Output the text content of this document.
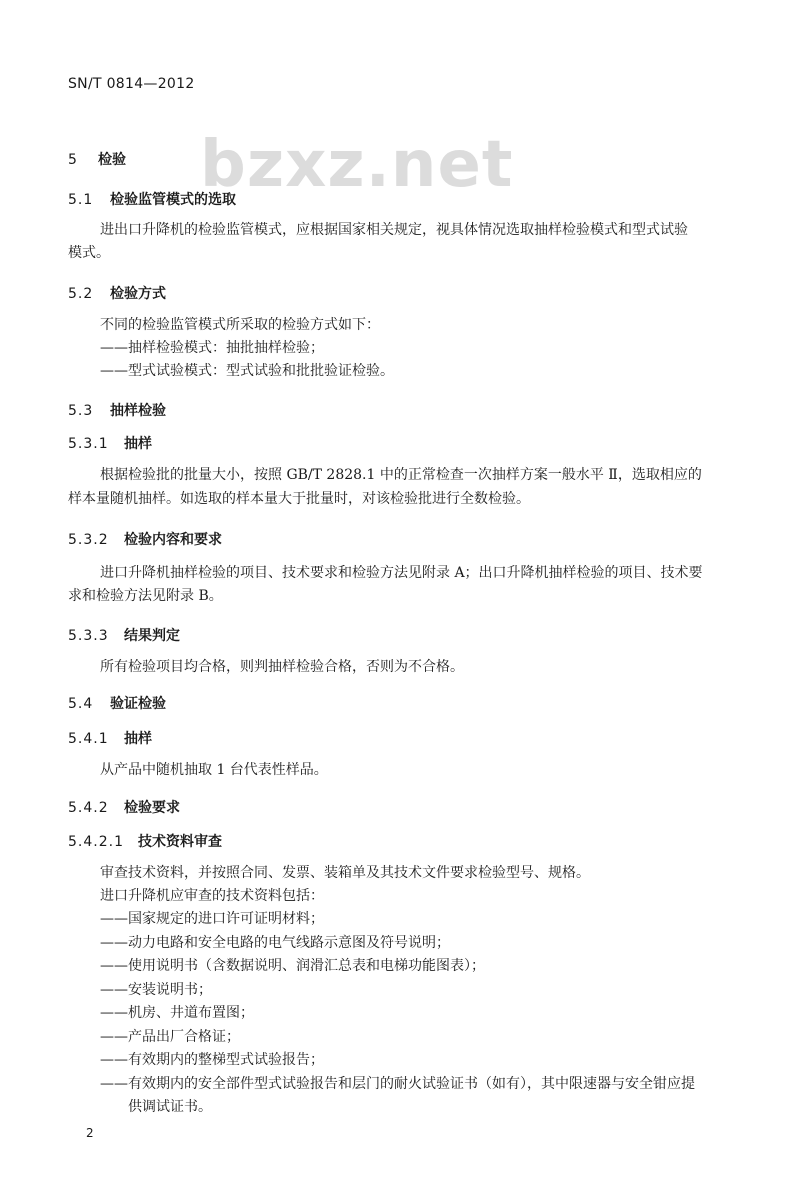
SN/T 0814—2012
bzxz.net
5 检验
5.1 检验监管模式的选取
进出口升降机的检验监管模式，应根据国家相关规定，视具体情况选取抽样检验模式和型式试验
模式。
5.2 检验方式
不同的检验监管模式所采取的检验方式如下：
——抽样检验模式：抽批抽样检验；
——型式试验模式：型式试验和批批验证检验。
5.3 抽样检验
5.3.1 抽样
根据检验批的批量大小，按照 GB/T 2828.1 中的正常检查一次抽样方案一般水平 Ⅱ，选取相应的
样本量随机抽样。如选取的样本量大于批量时，对该检验批进行全数检验。
5.3.2 检验内容和要求
进口升降机抽样检验的项目、技术要求和检验方法见附录 A；出口升降机抽样检验的项目、技术要
求和检验方法见附录 B。
5.3.3 结果判定
所有检验项目均合格，则判抽样检验合格，否则为不合格。
5.4 验证检验
5.4.1 抽样
从产品中随机抽取 1 台代表性样品。
5.4.2 检验要求
5.4.2.1 技术资料审查
审查技术资料，并按照合同、发票、装箱单及其技术文件要求检验型号、规格。
进口升降机应审查的技术资料包括：
——国家规定的进口许可证明材料；
——动力电路和安全电路的电气线路示意图及符号说明；
——使用说明书（含数据说明、润滑汇总表和电梯功能图表）；
——安装说明书；
——机房、井道布置图；
——产品出厂合格证；
——有效期内的整梯型式试验报告；
——有效期内的安全部件型式试验报告和层门的耐火试验证书（如有），其中限速器与安全钳应提
供调试证书。
2
